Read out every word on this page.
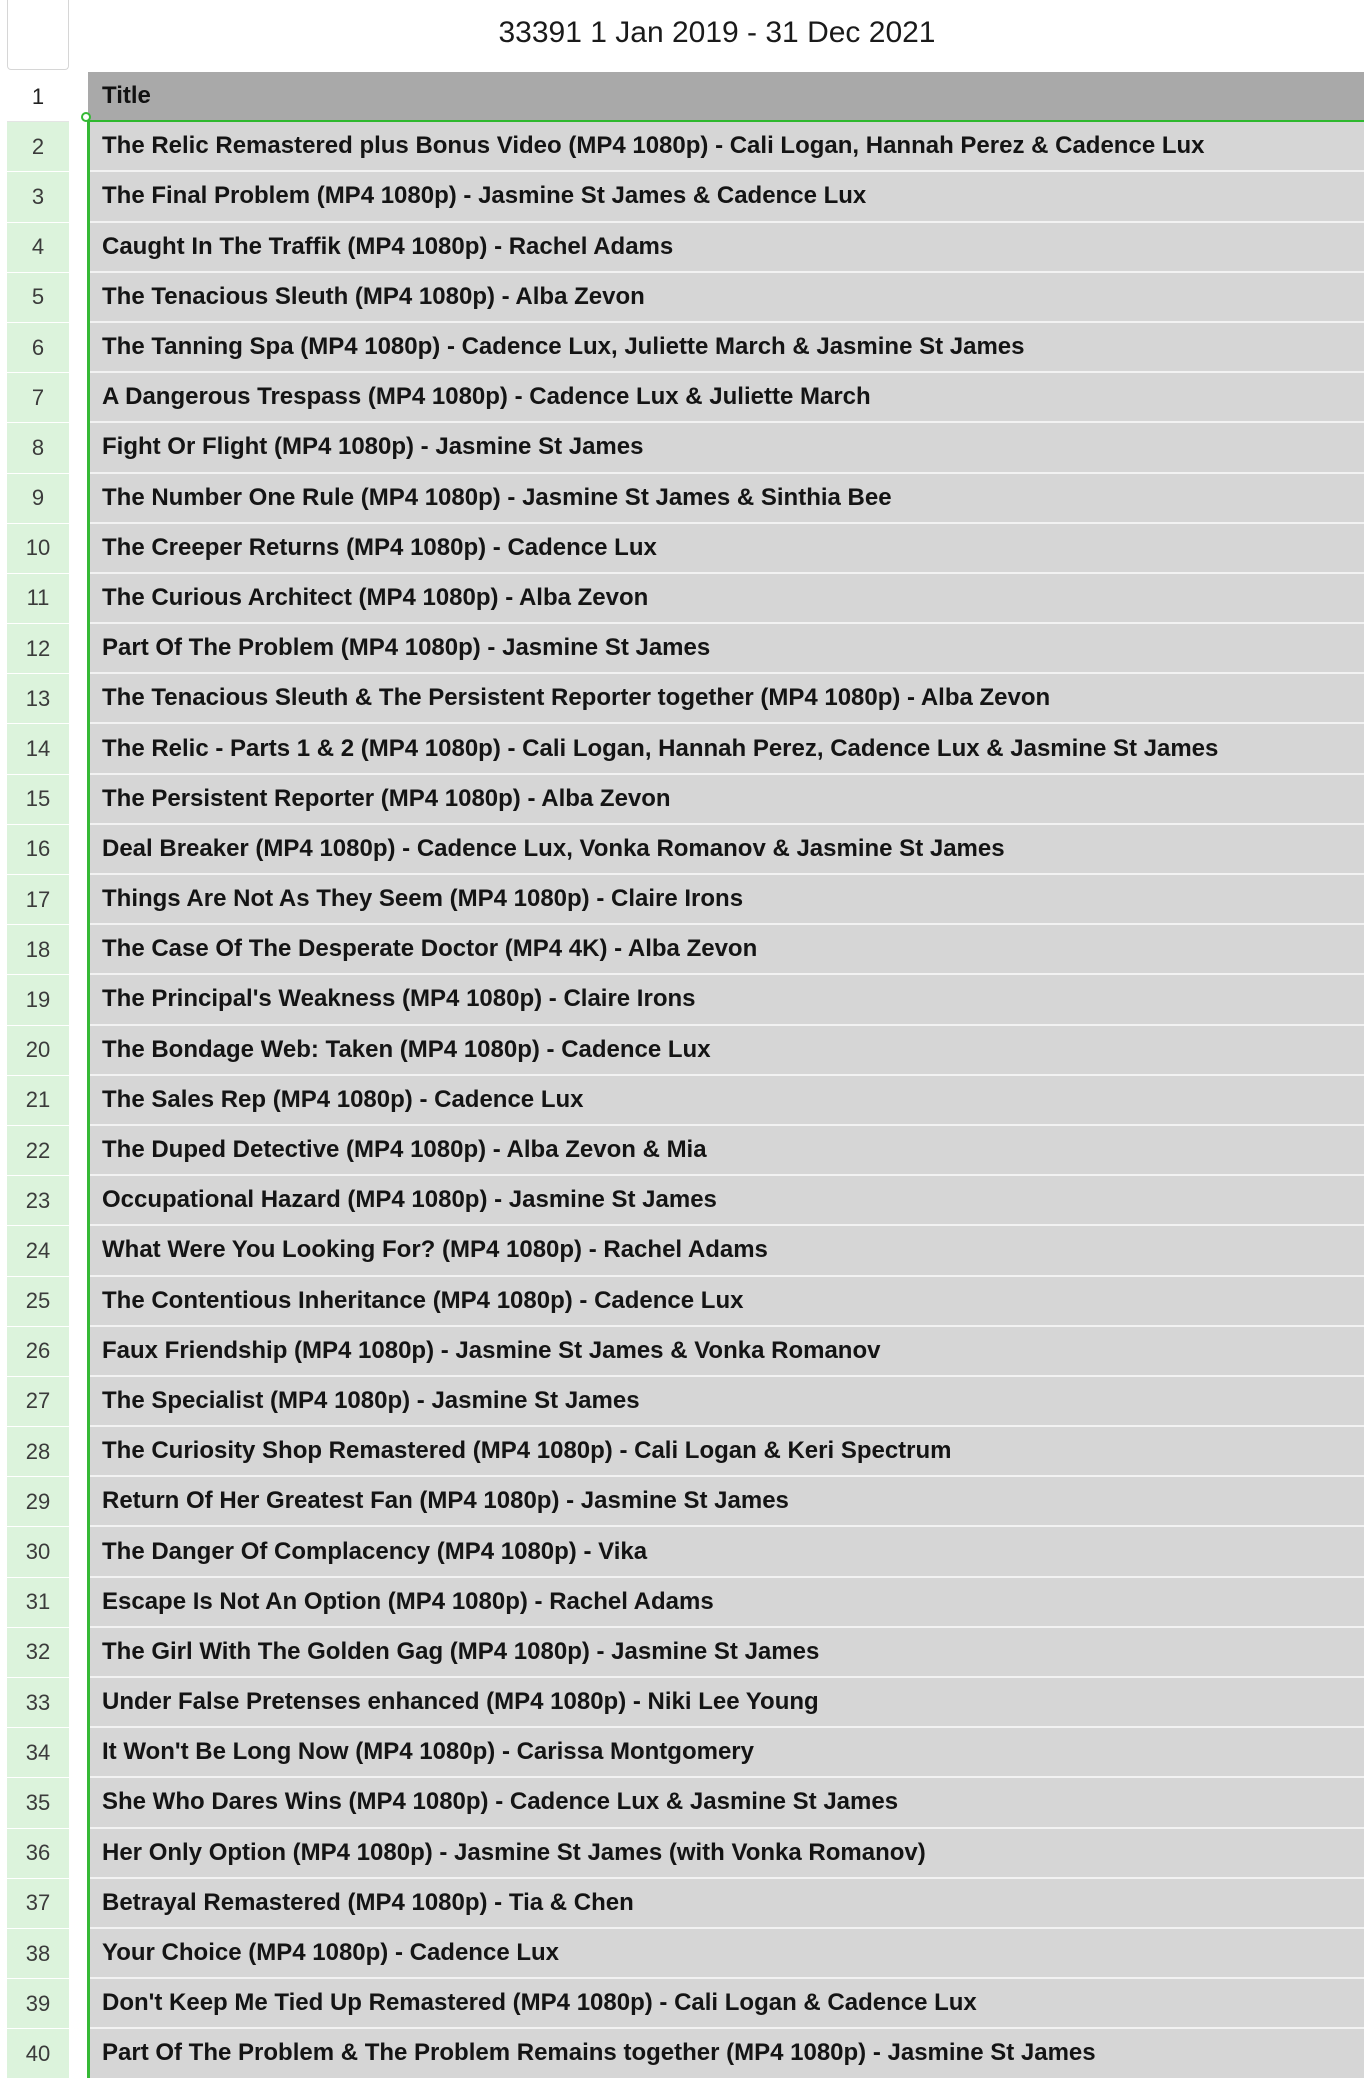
33391 1 Jan 2019 - 31 Dec 2021
1
2
3
4
5
6
7
8
9
10
11
12
13
14
15
16
17
18
19
20
21
22
23
24
25
26
27
28
29
30
31
32
33
34
35
36
37
38
39
40
Title
The Relic Remastered plus Bonus Video (MP4 1080p) - Cali Logan, Hannah Perez & Cadence Lux
The Final Problem (MP4 1080p) - Jasmine St James & Cadence Lux
Caught In The Traffik (MP4 1080p) - Rachel Adams
The Tenacious Sleuth (MP4 1080p) - Alba Zevon
The Tanning Spa (MP4 1080p) - Cadence Lux, Juliette March & Jasmine St James
A Dangerous Trespass (MP4 1080p) - Cadence Lux & Juliette March
Fight Or Flight (MP4 1080p) - Jasmine St James
The Number One Rule (MP4 1080p) - Jasmine St James & Sinthia Bee
The Creeper Returns (MP4 1080p) - Cadence Lux
The Curious Architect (MP4 1080p) - Alba Zevon
Part Of The Problem (MP4 1080p) - Jasmine St James
The Tenacious Sleuth & The Persistent Reporter together (MP4 1080p) - Alba Zevon
The Relic - Parts 1 & 2 (MP4 1080p) - Cali Logan, Hannah Perez, Cadence Lux & Jasmine St James
The Persistent Reporter (MP4 1080p) - Alba Zevon
Deal Breaker (MP4 1080p) - Cadence Lux, Vonka Romanov & Jasmine St James
Things Are Not As They Seem (MP4 1080p) - Claire Irons
The Case Of The Desperate Doctor (MP4 4K) - Alba Zevon
The Principal's Weakness (MP4 1080p) - Claire Irons
The Bondage Web: Taken (MP4 1080p) - Cadence Lux
The Sales Rep (MP4 1080p) - Cadence Lux
The Duped Detective (MP4 1080p) - Alba Zevon & Mia
Occupational Hazard (MP4 1080p) - Jasmine St James
What Were You Looking For? (MP4 1080p) - Rachel Adams
The Contentious Inheritance (MP4 1080p) - Cadence Lux
Faux Friendship (MP4 1080p) - Jasmine St James & Vonka Romanov
The Specialist (MP4 1080p) - Jasmine St James
The Curiosity Shop Remastered (MP4 1080p) - Cali Logan & Keri Spectrum
Return Of Her Greatest Fan (MP4 1080p) - Jasmine St James
The Danger Of Complacency (MP4 1080p) - Vika
Escape Is Not An Option (MP4 1080p) - Rachel Adams
The Girl With The Golden Gag (MP4 1080p) - Jasmine St James
Under False Pretenses enhanced (MP4 1080p) - Niki Lee Young
It Won't Be Long Now (MP4 1080p) - Carissa Montgomery
She Who Dares Wins (MP4 1080p) - Cadence Lux & Jasmine St James
Her Only Option (MP4 1080p) - Jasmine St James (with Vonka Romanov)
Betrayal Remastered (MP4 1080p) - Tia & Chen
Your Choice (MP4 1080p) - Cadence Lux
Don't Keep Me Tied Up Remastered (MP4 1080p) - Cali Logan & Cadence Lux
Part Of The Problem & The Problem Remains together (MP4 1080p) - Jasmine St James
